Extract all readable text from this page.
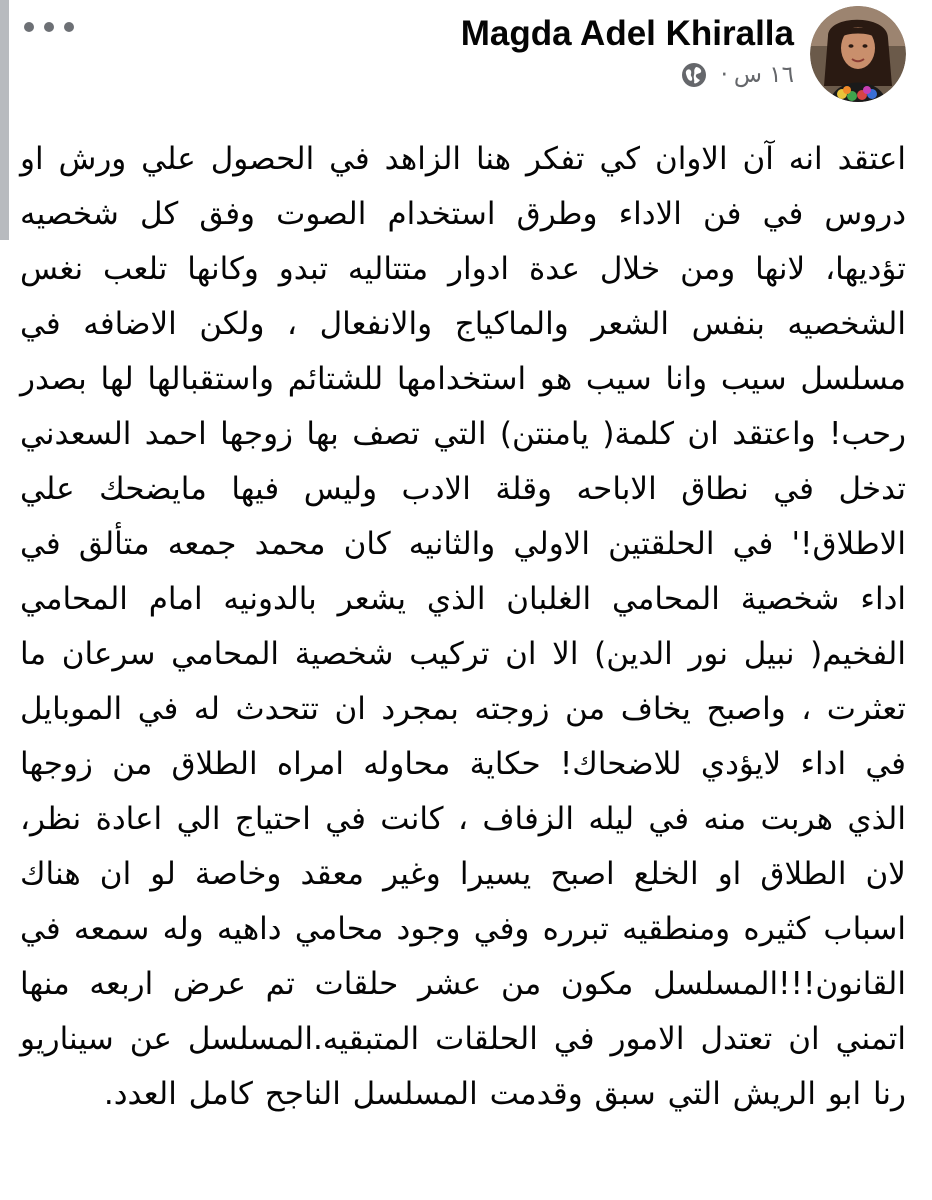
Magda Adel Khiralla
· ١٦ س
اعتقد انه آن الاوان كي تفكر هنا الزاهد في الحصول علي ورش او دروس في فن الاداء وطرق استخدام الصوت وفق كل شخصيه تؤديها، لانها ومن خلال عدة ادوار متتاليه تبدو وكانها تلعب نغس الشخصيه بنفس الشعر والماكياج والانفعال ، ولكن الاضافه في مسلسل سيب وانا سيب هو استخدامها للشتائم واستقبالها لها بصدر رحب! واعتقد ان كلمة( يامنتن) التي تصف بها زوجها احمد السعدني تدخل في نطاق الاباحه وقلة الادب وليس فيها مايضحك علي الاطلاق!' في الحلقتين الاولي والثانيه كان محمد جمعه متألق في اداء شخصية المحامي الغلبان الذي يشعر بالدونيه امام المحامي الفخيم( نبيل نور الدين) الا ان تركيب شخصية المحامي سرعان ما تعثرت ، واصبح يخاف من زوجته بمجرد ان تتحدث له في الموبايل في اداء لايؤدي للاضحاك! حكاية محاوله امراه الطلاق من زوجها الذي هربت منه في ليله الزفاف ، كانت في احتياج الي اعادة نظر، لان الطلاق او الخلع اصبح يسيرا وغير معقد وخاصة لو ان هناك اسباب كثيره ومنطقيه تبرره وفي وجود محامي داهيه وله سمعه في القانون!!!المسلسل مكون من عشر حلقات تم عرض اربعه منها اتمني ان تعتدل الامور في الحلقات المتبقيه.المسلسل عن سيناريو رنا ابو الريش التي سبق وقدمت المسلسل الناجح كامل العدد.
